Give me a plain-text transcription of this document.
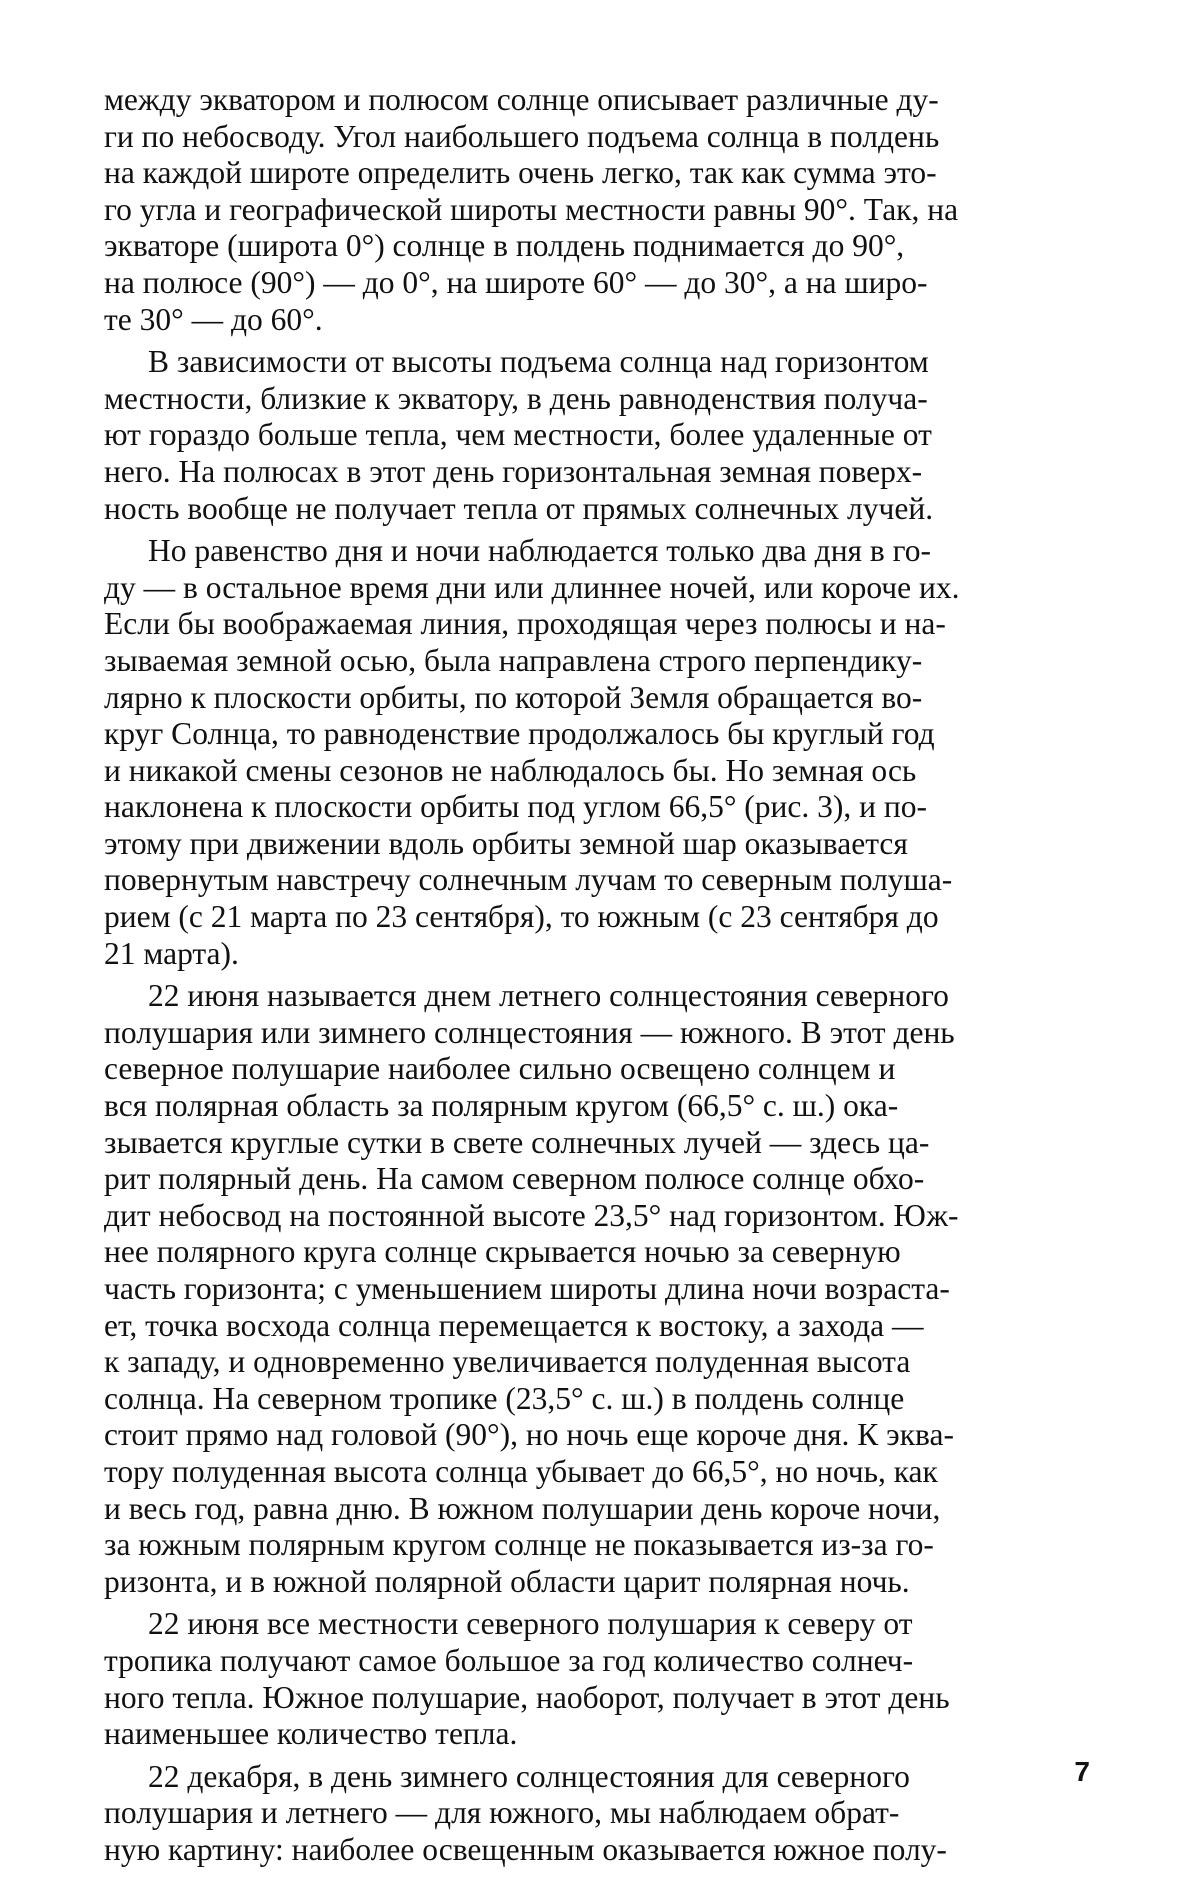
между экватором и полюсом солнце описывает различные ду-
ги по небосводу. Угол наибольшего подъема солнца в полдень
на каждой широте определить очень легко, так как сумма это-
го угла и географической широты местности равны 90°. Так, на
экваторе (широта 0°) солнце в полдень поднимается до 90°,
на полюсе (90°) — до 0°, на широте 60° — до 30°, а на широ-
те 30° — до 60°.

В зависимости от высоты подъема солнца над горизонтом
местности, близкие к экватору, в день равноденствия получа-
ют гораздо больше тепла, чем местности, более удаленные от
него. На полюсах в этот день горизонтальная земная поверх-
ность вообще не получает тепла от прямых солнечных лучей.

Но равенство дня и ночи наблюдается только два дня в го-
ду — в остальное время дни или длиннее ночей, или короче их.
Если бы воображаемая линия, проходящая через полюсы и на-
зываемая земной осью, была направлена строго перпендику-
лярно к плоскости орбиты, по которой Земля обращается во-
круг Солнца, то равноденствие продолжалось бы круглый год
и никакой смены сезонов не наблюдалось бы. Но земная ось
наклонена к плоскости орбиты под углом 66,5° (рис. 3), и по-
этому при движении вдоль орбиты земной шар оказывается
повернутым навстречу солнечным лучам то северным полуша-
рием (с 21 марта по 23 сентября), то южным (с 23 сентября до
21 марта).

22 июня называется днем летнего солнцестояния северного
полушария или зимнего солнцестояния — южного. В этот день
северное полушарие наиболее сильно освещено солнцем и
вся полярная область за полярным кругом (66,5° с. ш.) ока-
зывается круглые сутки в свете солнечных лучей — здесь ца-
рит полярный день. На самом северном полюсе солнце обхо-
дит небосвод на постоянной высоте 23,5° над горизонтом. Юж-
нее полярного круга солнце скрывается ночью за северную
часть горизонта; с уменьшением широты длина ночи возраста-
ет, точка восхода солнца перемещается к востоку, а захода —
к западу, и одновременно увеличивается полуденная высота
солнца. На северном тропике (23,5° с. ш.) в полдень солнце
стоит прямо над головой (90°), но ночь еще короче дня. К эква-
тору полуденная высота солнца убывает до 66,5°, но ночь, как
и весь год, равна дню. В южном полушарии день короче ночи,
за южным полярным кругом солнце не показывается из-за го-
ризонта, и в южной полярной области царит полярная ночь.

22 июня все местности северного полушария к северу от
тропика получают самое большое за год количество солнеч-
ного тепла. Южное полушарие, наоборот, получает в этот день
наименьшее количество тепла.

22 декабря, в день зимнего солнцестояния для северного
полушария и летнего — для южного, мы наблюдаем обрат-
ную картину: наиболее освещенным оказывается южное полу-

7
